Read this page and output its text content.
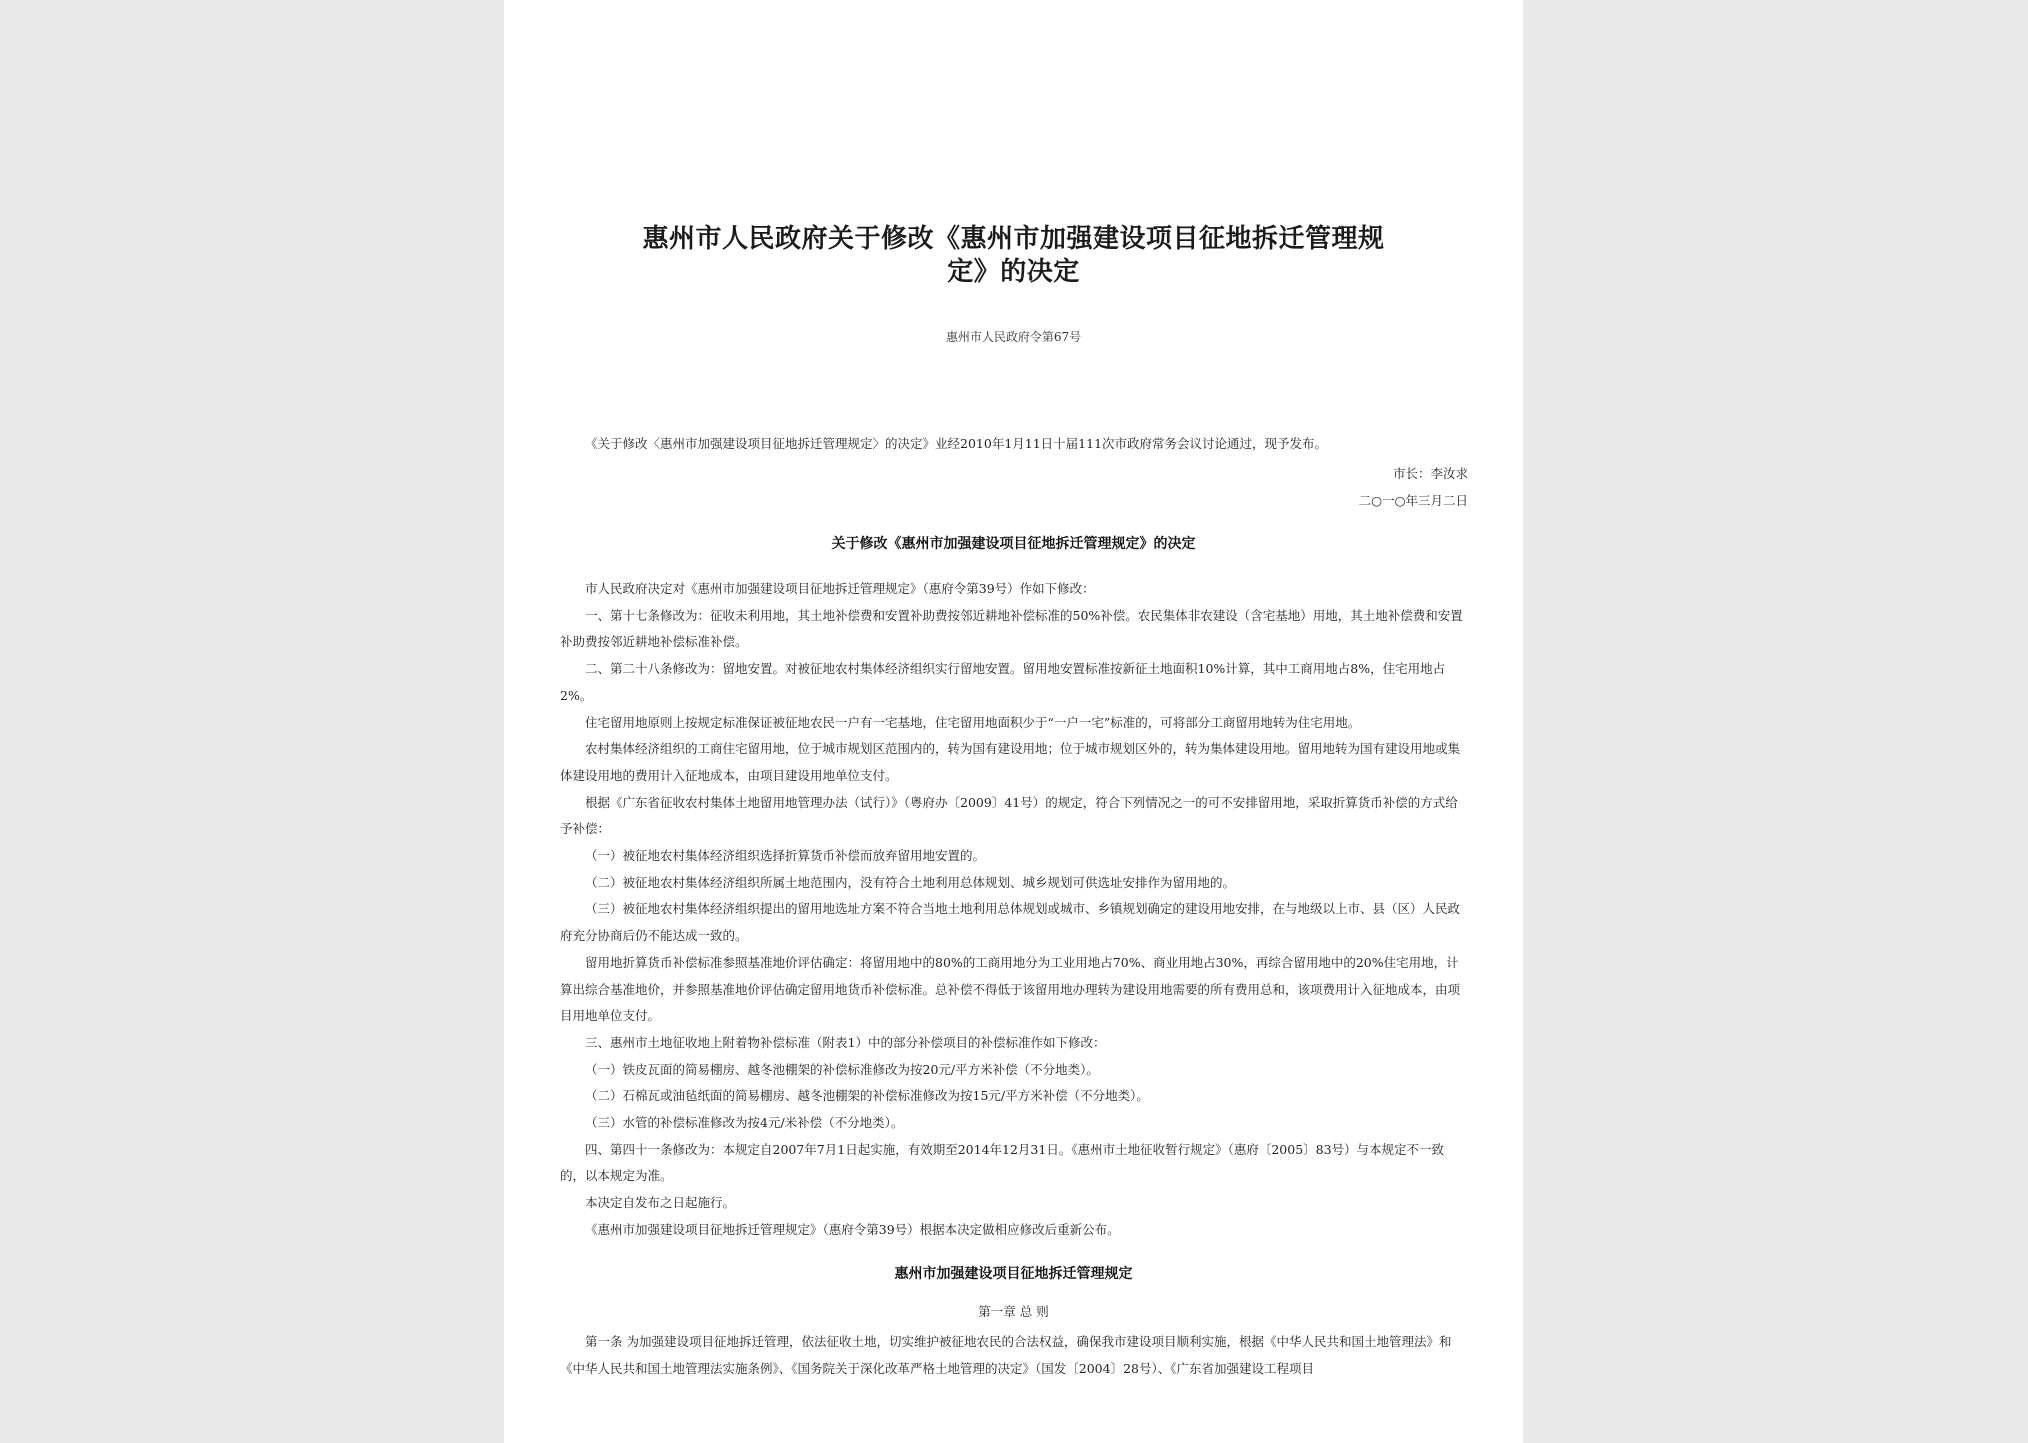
惠州市人民政府关于修改《惠州市加强建设项目征地拆迁管理规
定》的决定
惠州市人民政府令第67号
《关于修改〈惠州市加强建设项目征地拆迁管理规定〉的决定》业经2010年1月11日十届111次市政府常务会议讨论通过，现予发布。
市长：李汝求
二○一○年三月二日
关于修改《惠州市加强建设项目征地拆迁管理规定》的决定
市人民政府决定对《惠州市加强建设项目征地拆迁管理规定》（惠府令第39号）作如下修改：
一、第十七条修改为：征收未利用地，其土地补偿费和安置补助费按邻近耕地补偿标准的50%补偿。农民集体非农建设（含宅基地）用地，其土地补偿费和安置补助费按邻近耕地补偿标准补偿。
二、第二十八条修改为：留地安置。对被征地农村集体经济组织实行留地安置。留用地安置标准按新征土地面积10%计算，其中工商用地占8%，住宅用地占2%。
住宅留用地原则上按规定标准保证被征地农民一户有一宅基地，住宅留用地面积少于“一户一宅”标准的，可将部分工商留用地转为住宅用地。
农村集体经济组织的工商住宅留用地，位于城市规划区范围内的，转为国有建设用地；位于城市规划区外的，转为集体建设用地。留用地转为国有建设用地或集体建设用地的费用计入征地成本，由项目建设用地单位支付。
根据《广东省征收农村集体土地留用地管理办法（试行）》（粤府办〔2009〕41号）的规定，符合下列情况之一的可不安排留用地，采取折算货币补偿的方式给予补偿：
（一）被征地农村集体经济组织选择折算货币补偿而放弃留用地安置的。
（二）被征地农村集体经济组织所属土地范围内，没有符合土地利用总体规划、城乡规划可供选址安排作为留用地的。
（三）被征地农村集体经济组织提出的留用地选址方案不符合当地土地利用总体规划或城市、乡镇规划确定的建设用地安排，在与地级以上市、县（区）人民政府充分协商后仍不能达成一致的。
留用地折算货币补偿标准参照基准地价评估确定：将留用地中的80%的工商用地分为工业用地占70%、商业用地占30%，再综合留用地中的20%住宅用地，计算出综合基准地价，并参照基准地价评估确定留用地货币补偿标准。总补偿不得低于该留用地办理转为建设用地需要的所有费用总和，该项费用计入征地成本，由项目用地单位支付。
三、惠州市土地征收地上附着物补偿标准（附表1）中的部分补偿项目的补偿标准作如下修改：
（一）铁皮瓦面的简易棚房、越冬池棚架的补偿标准修改为按20元/平方米补偿（不分地类）。
（二）石棉瓦或油毡纸面的简易棚房、越冬池棚架的补偿标准修改为按15元/平方米补偿（不分地类）。
（三）水管的补偿标准修改为按4元/米补偿（不分地类）。
四、第四十一条修改为：本规定自2007年7月1日起实施，有效期至2014年12月31日。《惠州市土地征收暂行规定》（惠府〔2005〕83号）与本规定不一致的，以本规定为准。
本决定自发布之日起施行。
《惠州市加强建设项目征地拆迁管理规定》（惠府令第39号）根据本决定做相应修改后重新公布。
惠州市加强建设项目征地拆迁管理规定
第一章 总 则
第一条 为加强建设项目征地拆迁管理，依法征收土地，切实维护被征地农民的合法权益，确保我市建设项目顺利实施，根据《中华人民共和国土地管理法》和《中华人民共和国土地管理法实施条例》、《国务院关于深化改革严格土地管理的决定》（国发〔2004〕28号）、《广东省加强建设工程项目
